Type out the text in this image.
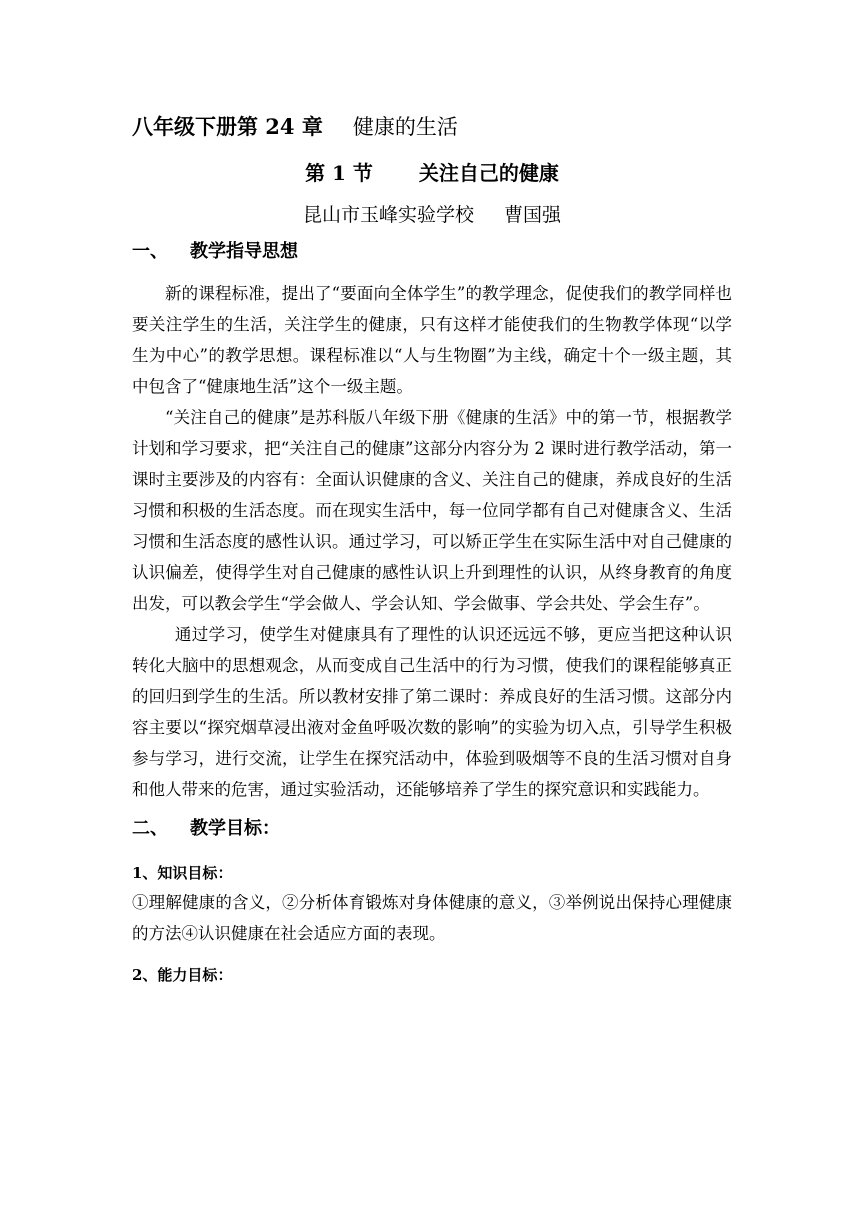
八年级下册第 24 章 健康的生活
第 1 节 关注自己的健康
昆山市玉峰实验学校 曹国强
一、 教学指导思想

新的课程标准，提出了“要面向全体学生”的教学理念，促使我们的教学同样也要关注学生的生活，关注学生的健康，只有这样才能使我们的生物教学体现“以学生为中心”的教学思想。课程标准以“人与生物圈”为主线，确定十个一级主题，其中包含了“健康地生活”这个一级主题。

“关注自己的健康”是苏科版八年级下册《健康的生活》中的第一节，根据教学计划和学习要求，把“关注自己的健康”这部分内容分为 2 课时进行教学活动，第一课时主要涉及的内容有：全面认识健康的含义、关注自己的健康，养成良好的生活习惯和积极的生活态度。而在现实生活中，每一位同学都有自己对健康含义、生活习惯和生活态度的感性认识。通过学习，可以矫正学生在实际生活中对自己健康的认识偏差，使得学生对自己健康的感性认识上升到理性的认识，从终身教育的角度出发，可以教会学生“学会做人、学会认知、学会做事、学会共处、学会生存”。

通过学习，使学生对健康具有了理性的认识还远远不够，更应当把这种认识转化大脑中的思想观念，从而变成自己生活中的行为习惯，使我们的课程能够真正的回归到学生的生活。所以教材安排了第二课时：养成良好的生活习惯。这部分内容主要以“探究烟草浸出液对金鱼呼吸次数的影响”的实验为切入点，引导学生积极参与学习，进行交流，让学生在探究活动中，体验到吸烟等不良的生活习惯对自身和他人带来的危害，通过实验活动，还能够培养了学生的探究意识和实践能力。

二、 教学目标：
1、知识目标：

①理解健康的含义，②分析体育锻炼对身体健康的意义，③举例说出保持心理健康的方法④认识健康在社会适应方面的表现。

2、能力目标：
